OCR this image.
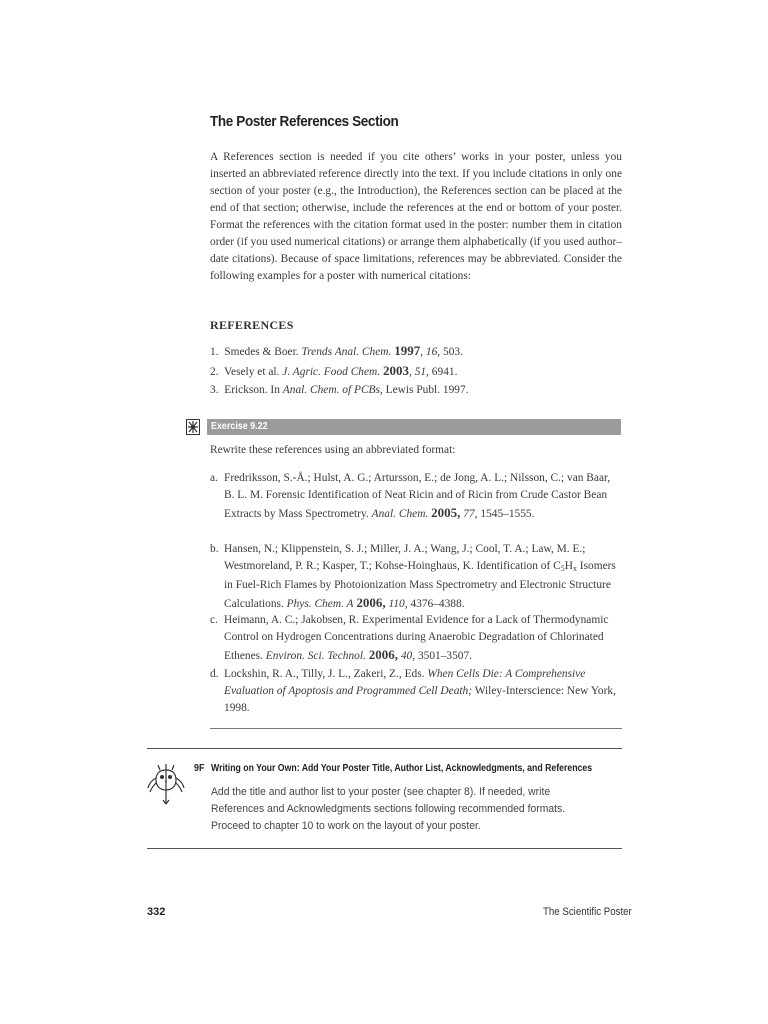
The Poster References Section
A References section is needed if you cite others’ works in your poster, unless you inserted an abbreviated reference directly into the text. If you include citations in only one section of your poster (e.g., the Introduction), the References section can be placed at the end of that section; otherwise, include the references at the end or bottom of your poster. Format the references with the citation format used in the poster: number them in citation order (if you used numerical citations) or arrange them alphabetically (if you used author–date citations). Because of space limitations, references may be abbreviated. Consider the following examples for a poster with numerical citations:
REFERENCES
1. Smedes & Boer. Trends Anal. Chem. 1997, 16, 503.
2. Vesely et al. J. Agric. Food Chem. 2003, 51, 6941.
3. Erickson. In Anal. Chem. of PCBs, Lewis Publ. 1997.
Exercise 9.22
Rewrite these references using an abbreviated format:
a. Fredriksson, S.-Å.; Hulst, A. G.; Artursson, E.; de Jong, A. L.; Nilsson, C.; van Baar, B. L. M. Forensic Identification of Neat Ricin and of Ricin from Crude Castor Bean Extracts by Mass Spectrometry. Anal. Chem. 2005, 77, 1545–1555.
b. Hansen, N.; Klippenstein, S. J.; Miller, J. A.; Wang, J.; Cool, T. A.; Law, M. E.; Westmoreland, P. R.; Kasper, T.; Kohse-Hoinghaus, K. Identification of $C_5H_x$ Isomers in Fuel-Rich Flames by Photoionization Mass Spectrometry and Electronic Structure Calculations. Phys. Chem. A 2006, 110, 4376–4388.
c. Heimann, A. C.; Jakobsen, R. Experimental Evidence for a Lack of Thermodynamic Control on Hydrogen Concentrations during Anaerobic Degradation of Chlorinated Ethenes. Environ. Sci. Technol. 2006, 40, 3501–3507.
d. Lockshin, R. A., Tilly, J. L., Zakeri, Z., Eds. When Cells Die: A Comprehensive Evaluation of Apoptosis and Programmed Cell Death; Wiley-Interscience: New York, 1998.
9F Writing on Your Own: Add Your Poster Title, Author List, Acknowledgments, and References
Add the title and author list to your poster (see chapter 8). If needed, write References and Acknowledgments sections following recommended formats. Proceed to chapter 10 to work on the layout of your poster.
332	The Scientific Poster
